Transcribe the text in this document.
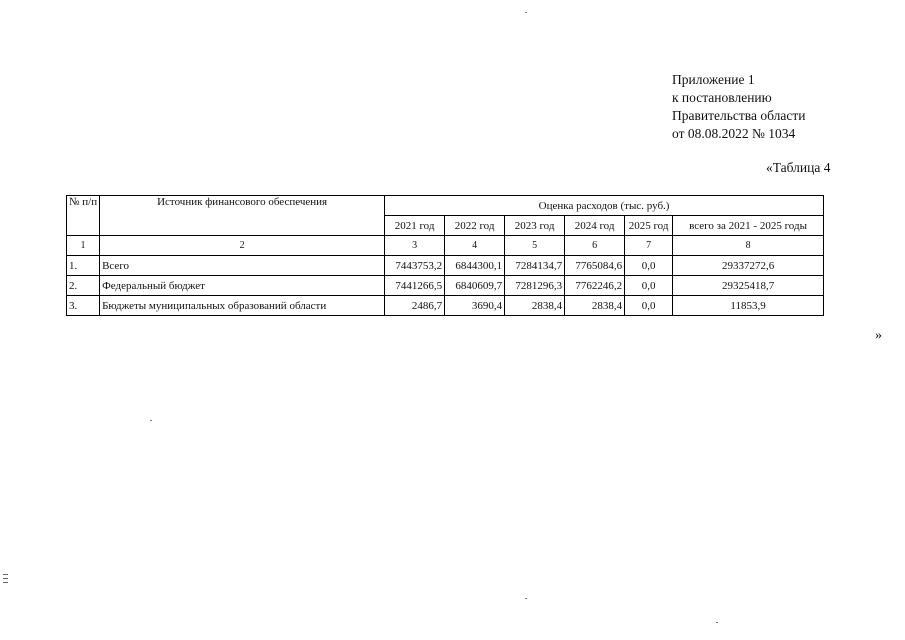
Приложение 1
к постановлению
Правительства области
от 08.08.2022 № 1034
«Таблица 4
№ п/п	Источник финансового обеспечения	Оценка расходов (тыс. руб.)					
		2021 год	2022 год	2023 год	2024 год	2025 год	всего за 2021 - 2025 годы
1	2	3	4	5	6	7	8
1.	Всего	7443753,2	6844300,1	7284134,7	7765084,6	0,0	29337272,6
2.	Федеральный бюджет	7441266,5	6840609,7	7281296,3	7762246,2	0,0	29325418,7
3.	Бюджеты муниципальных образований области	2486,7	3690,4	2838,4	2838,4	0,0	11853,9
»
